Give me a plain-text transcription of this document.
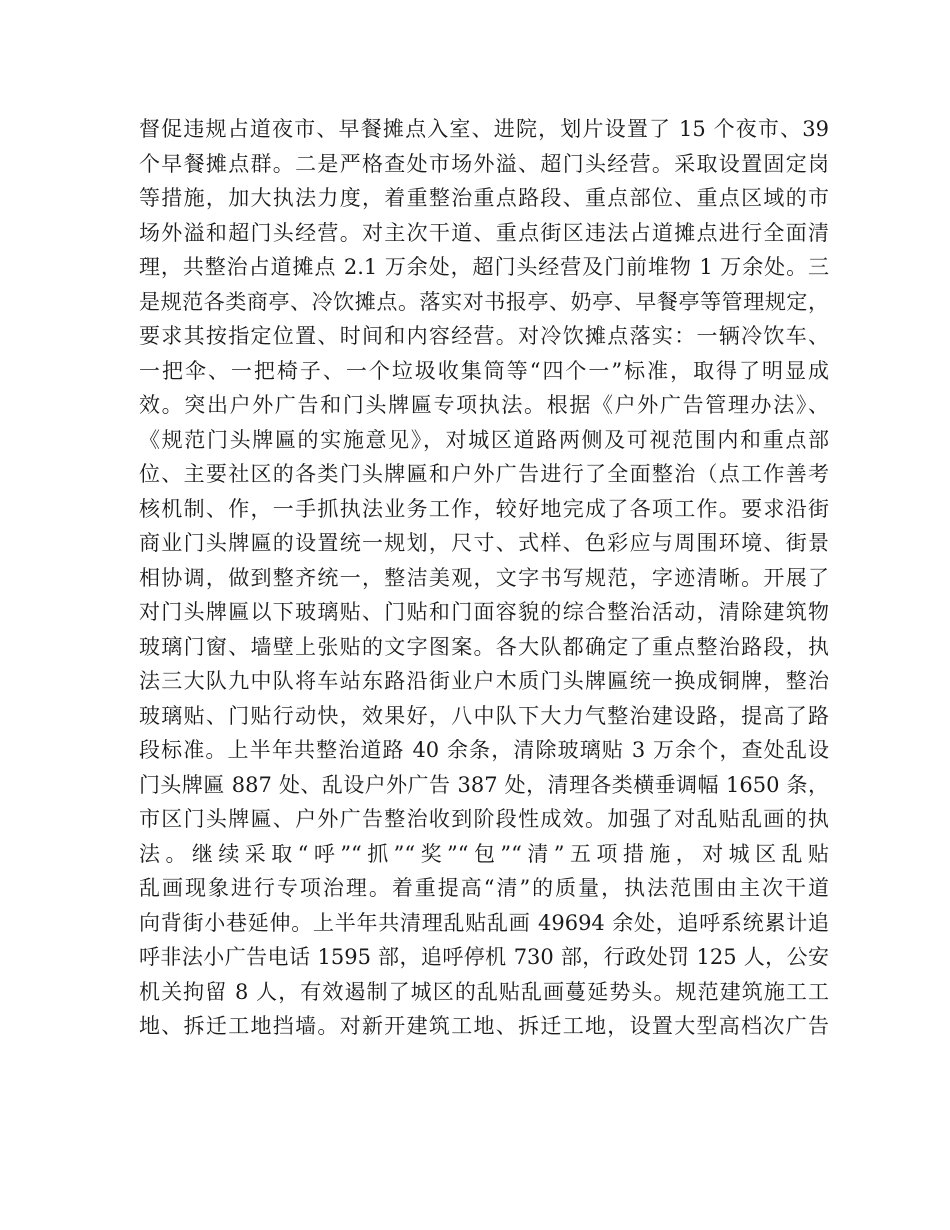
督促违规占道夜市、早餐摊点入室、进院，划片设置了 15 个夜市、39
个早餐摊点群。二是严格查处市场外溢、超门头经营。采取设置固定岗
等措施，加大执法力度，着重整治重点路段、重点部位、重点区域的市
场外溢和超门头经营。对主次干道、重点街区违法占道摊点进行全面清
理，共整治占道摊点 2.1 万余处，超门头经营及门前堆物 1 万余处。三
是规范各类商亭、冷饮摊点。落实对书报亭、奶亭、早餐亭等管理规定，
要求其按指定位置、时间和内容经营。对冷饮摊点落实：一辆冷饮车、
一把伞、一把椅子、一个垃圾收集筒等“四个一”标准，取得了明显成
效。突出户外广告和门头牌匾专项执法。根据《户外广告管理办法》、
《规范门头牌匾的实施意见》，对城区道路两侧及可视范围内和重点部
位、主要社区的各类门头牌匾和户外广告进行了全面整治（点工作善考
核机制、作，一手抓执法业务工作，较好地完成了各项工作。要求沿街
商业门头牌匾的设置统一规划，尺寸、式样、色彩应与周围环境、街景
相协调，做到整齐统一，整洁美观，文字书写规范，字迹清晰。开展了
对门头牌匾以下玻璃贴、门贴和门面容貌的综合整治活动，清除建筑物
玻璃门窗、墙壁上张贴的文字图案。各大队都确定了重点整治路段，执
法三大队九中队将车站东路沿街业户木质门头牌匾统一换成铜牌，整治
玻璃贴、门贴行动快，效果好，八中队下大力气整治建设路，提高了路
段标准。上半年共整治道路 40 余条，清除玻璃贴 3 万余个，查处乱设
门头牌匾 887 处、乱设户外广告 387 处，清理各类横垂调幅 1650 条，
市区门头牌匾、户外广告整治收到阶段性成效。加强了对乱贴乱画的执
法。继续采取“呼”“抓”“奖”“包”“清”五项措施，对城区乱贴
乱画现象进行专项治理。着重提高“清”的质量，执法范围由主次干道
向背街小巷延伸。上半年共清理乱贴乱画 49694 余处，追呼系统累计追
呼非法小广告电话 1595 部，追呼停机 730 部，行政处罚 125 人，公安
机关拘留 8 人，有效遏制了城区的乱贴乱画蔓延势头。规范建筑施工工
地、拆迁工地挡墙。对新开建筑工地、拆迁工地，设置大型高档次广告
